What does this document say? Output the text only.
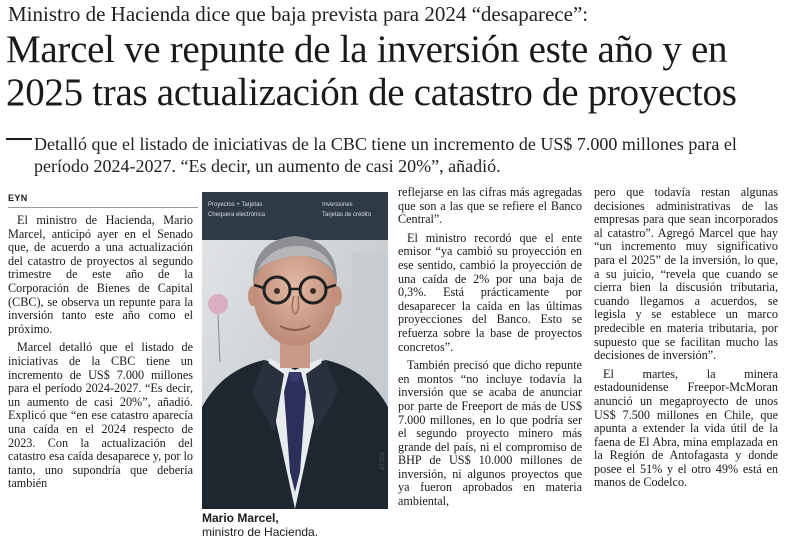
Ministro de Hacienda dice que baja prevista para 2024 “desaparece”:
Marcel ve repunte de la inversión este año y en 2025 tras actualización de catastro de proyectos
Detalló que el listado de iniciativas de la CBC tiene un incremento de US$ 7.000 millones para el período 2024-2027. “Es decir, un aumento de casi 20%”, añadió.
EYN

El ministro de Hacienda, Mario Marcel, anticipó ayer en el Senado que, de acuerdo a una actualización del catastro de proyectos al segundo trimestre de este año de la Corporación de Bienes de Capital (CBC), se observa un repunte para la inversión tanto este año como el próximo.

Marcel detalló que el listado de iniciativas de la CBC tiene un incremento de US$ 7.000 millones para el período 2024-2027. “Es decir, un aumento de casi 20%”, añadió. Explicó que “en ese catastro aparecía una caída en el 2024 respecto de 2023. Con la actualización del catastro esa caída desaparece y, por lo tanto, uno supondría que debería también

Proyectos + Tarjetas
Chequera electrónica
Inversiones
Tarjetas de crédito
ATON
Mario Marcel,
ministro de Hacienda.

reflejarse en las cifras más agregadas que son a las que se refiere el Banco Central”.

El ministro recordó que el ente emisor “ya cambió su proyección en ese sentido, cambió la proyección de una caída de 2% por una baja de 0,3%. Está prácticamente por desaparecer la caída en las últimas proyecciones del Banco. Esto se refuerza sobre la base de proyectos concretos”.

También precisó que dicho repunte en montos “no incluye todavía la inversión que se acaba de anunciar por parte de Freeport de más de US$ 7.000 millones, en lo que podría ser el segundo proyecto minero más grande del país, ni el compromiso de BHP de US$ 10.000 millones de inversión, ni algunos proyectos que ya fueron aprobados en materia ambiental,

pero que todavía restan algunas decisiones administrativas de las empresas para que sean incorporados al catastro”. Agregó Marcel que hay “un incremento muy significativo para el 2025” de la inversión, lo que, a su juicio, “revela que cuando se cierra bien la discusión tributaria, cuando llegamos a acuerdos, se legisla y se establece un marco predecible en materia tributaria, por supuesto que se facilitan mucho las decisiones de inversión”.

El martes, la minera estadounidense Freepor-McMoran anunció un megaproyecto de unos US$ 7.500 millones en Chile, que apunta a extender la vida útil de la faena de El Abra, mina emplazada en la Región de Antofagasta y donde posee el 51% y el otro 49% está en manos de Codelco.
